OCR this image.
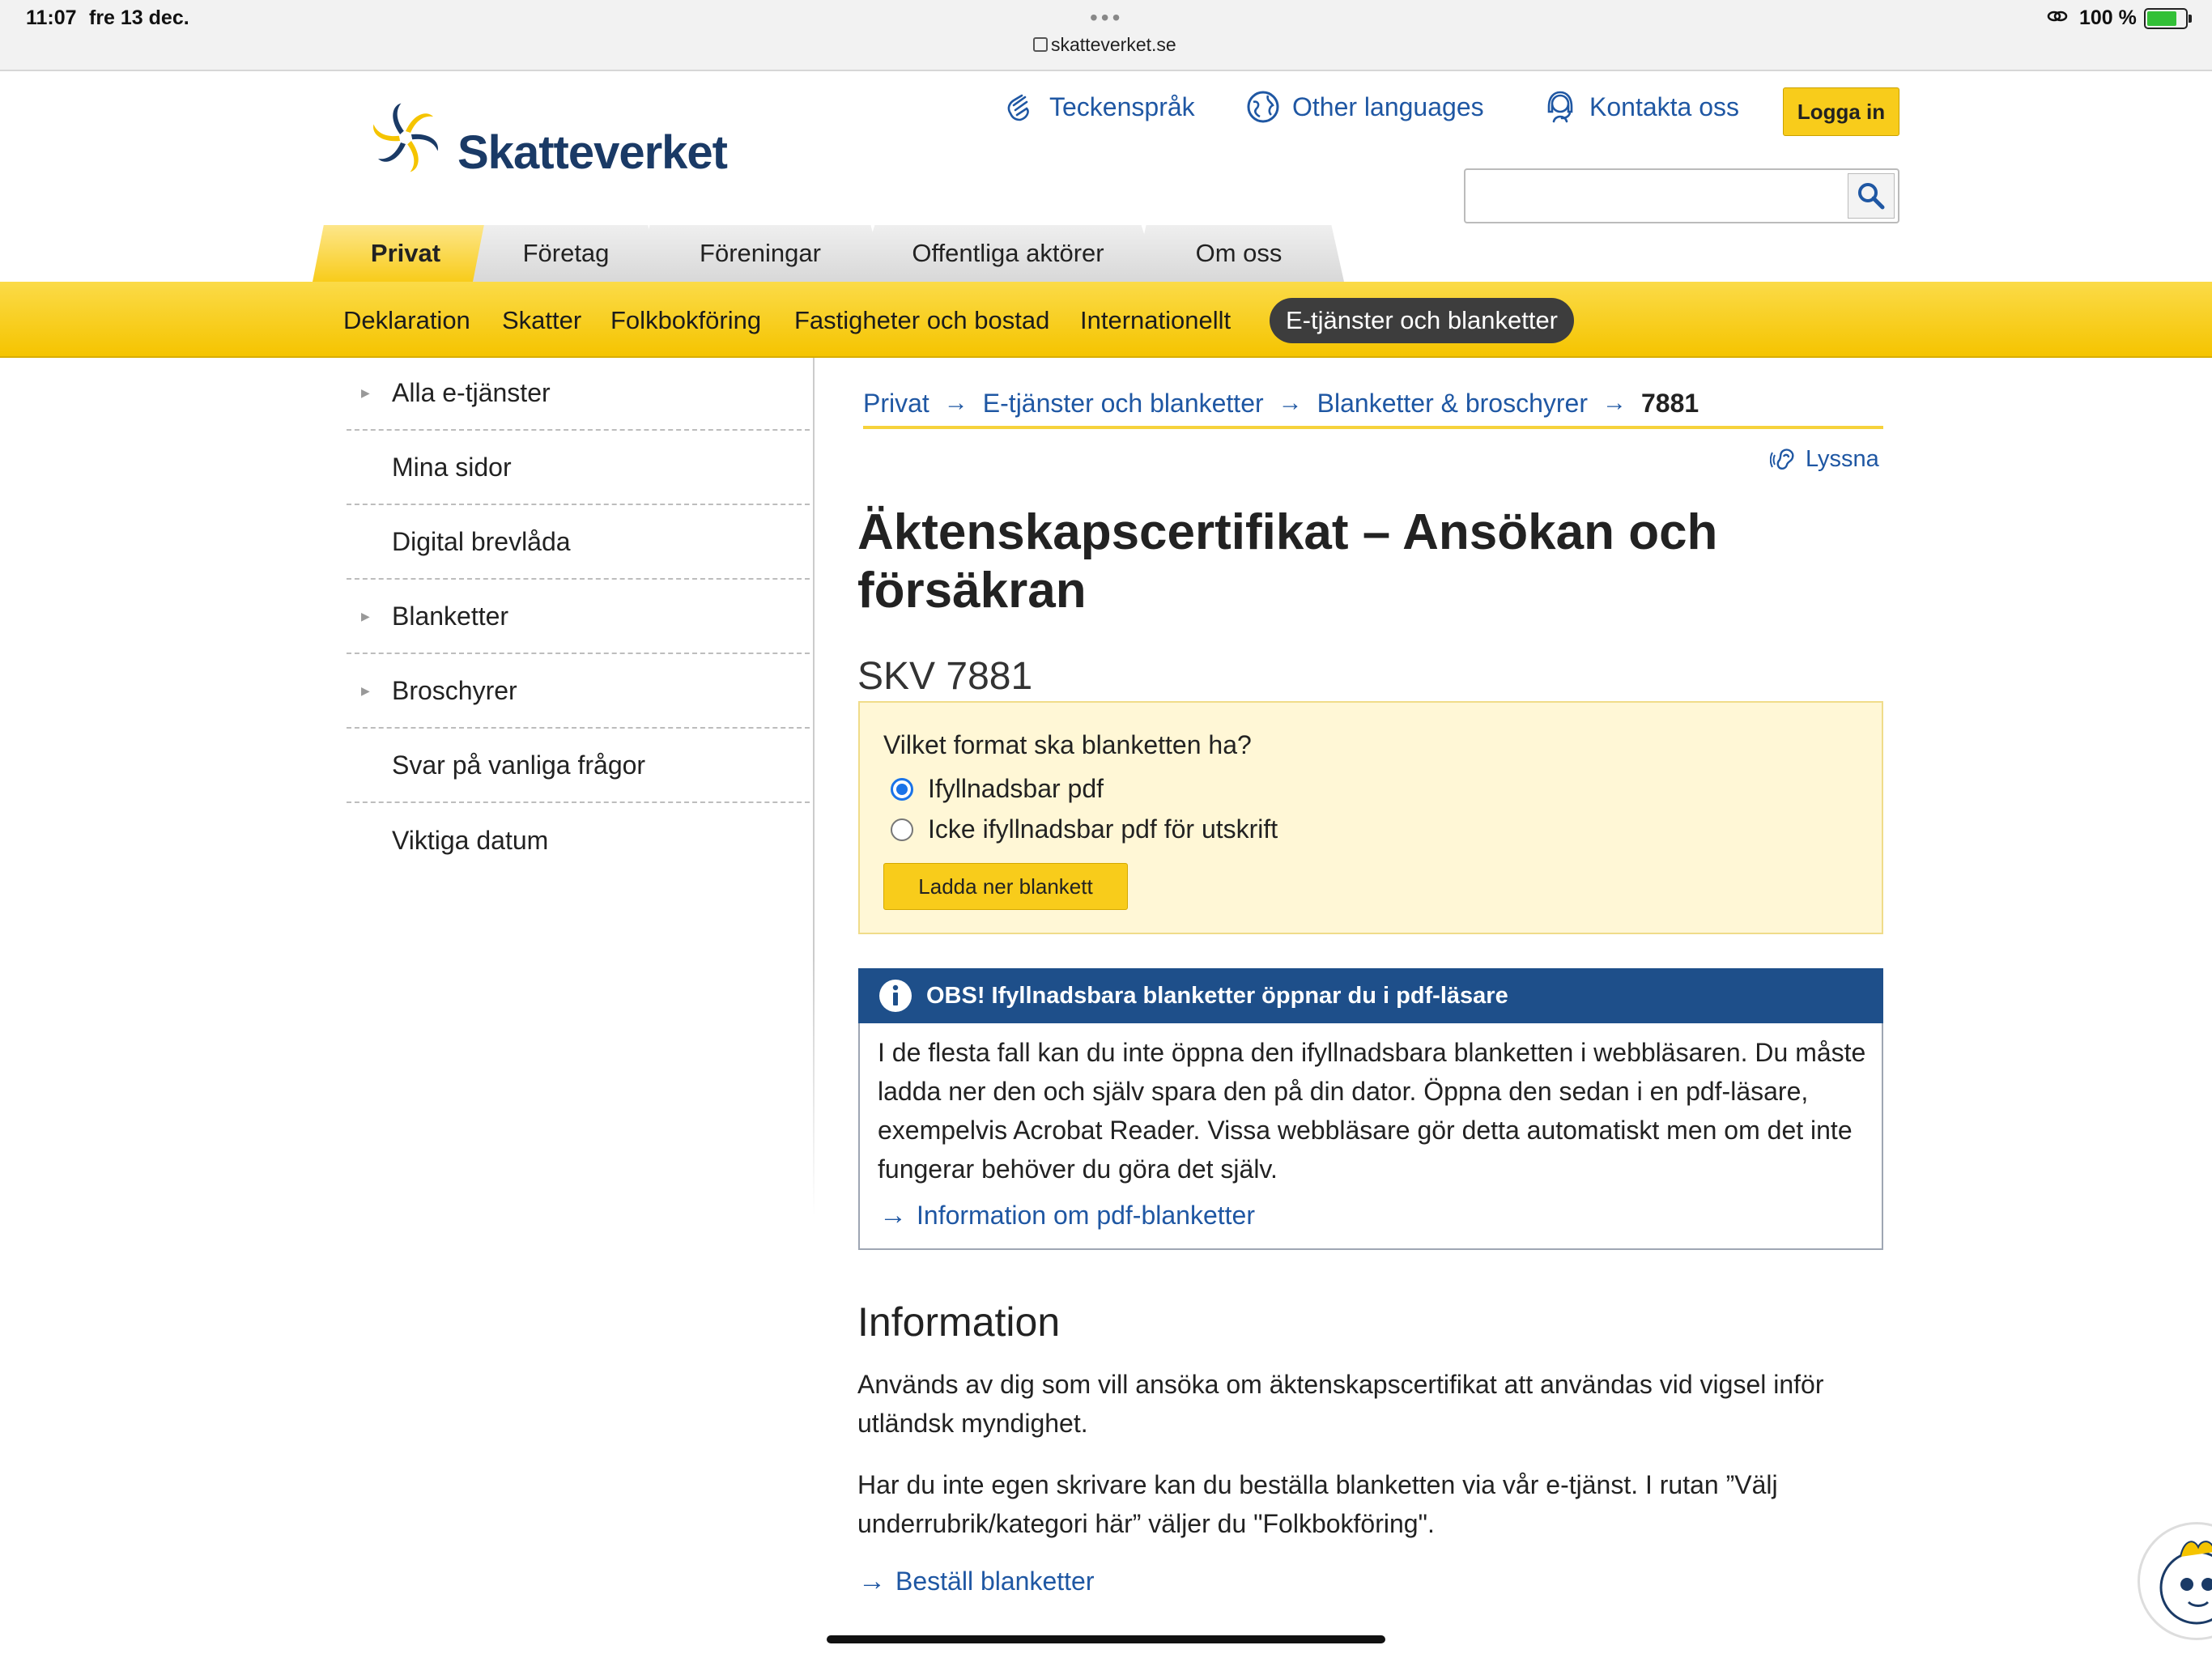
11:07 fre 13 dec.	•••
skatteverket.se
100 %
Skatteverket
Teckenspråk	Other languages	Kontakta oss	Logga in
Privat	Företag	Föreningar	Offentliga aktörer	Om oss
Deklaration Skatter Folkbokföring Fastigheter och bostad Internationellt	E-tjänster och blanketter
▶ Alla e-tjänster
Mina sidor
Digital brevlåda
▶ Blanketter
▶ Broschyrer
Svar på vanliga frågor
Viktiga datum
Privat → E-tjänster och blanketter → Blanketter & broschyrer → 7881
Lyssna
Äktenskapscertifikat – Ansökan och försäkran
SKV 7881
Vilket format ska blanketten ha?
Ifyllnadsbar pdf
Icke ifyllnadsbar pdf för utskrift
Ladda ner blankett
OBS! Ifyllnadsbara blanketter öppnar du i pdf-läsare
I de flesta fall kan du inte öppna den ifyllnadsbara blanketten i webbläsaren. Du måste ladda ner den och själv spara den på din dator. Öppna den sedan i en pdf-läsare, exempelvis Acrobat Reader. Vissa webbläsare gör detta automatiskt men om det inte fungerar behöver du göra det själv.
→ Information om pdf-blanketter
Information

Används av dig som vill ansöka om äktenskapscertifikat att användas vid vigsel inför utländsk myndighet.

Har du inte egen skrivare kan du beställa blanketten via vår e-tjänst. I rutan ”Välj underrubrik/kategori här” väljer du "Folkbokföring".

→ Beställ blanketter
